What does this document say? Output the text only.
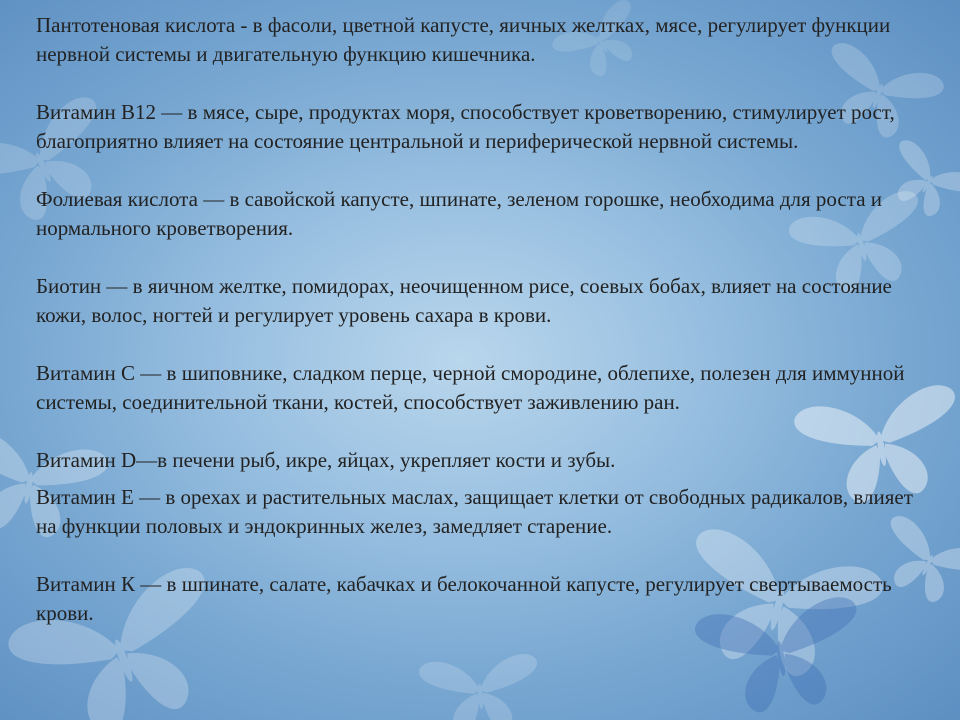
Пантотеновая кислота - в фасоли, цветной капусте, яичных желтках, мясе, регулирует функции нервной системы и двигательную функцию кишечника.

Витамин В12 — в мясе, сыре, продуктах моря, способствует кроветворению, стимулирует рост, благоприятно влияет на состояние центральной и периферической нервной системы.

Фолиевая кислота — в савойской капусте, шпинате, зеленом горошке, необходима для роста и нормального кроветворения.

Биотин — в яичном желтке, помидорах, неочищенном рисе, соевых бобах, влияет на состояние кожи, волос, ногтей и регулирует уровень сахара в крови.

Витамин С — в шиповнике, сладком перце, черной смородине, облепихе, полезен для иммунной системы, соединительной ткани, костей, способствует заживлению ран.

Витамин D—в печени рыб, икре, яйцах, укрепляет кости и зубы.

Витамин Е — в орехах и растительных маслах, защищает клетки от свободных радикалов, влияет на функции половых и эндокринных желез, замедляет старение.

Витамин К — в шпинате, салате, кабачках и белокочанной капусте, регулирует свертываемость крови.
